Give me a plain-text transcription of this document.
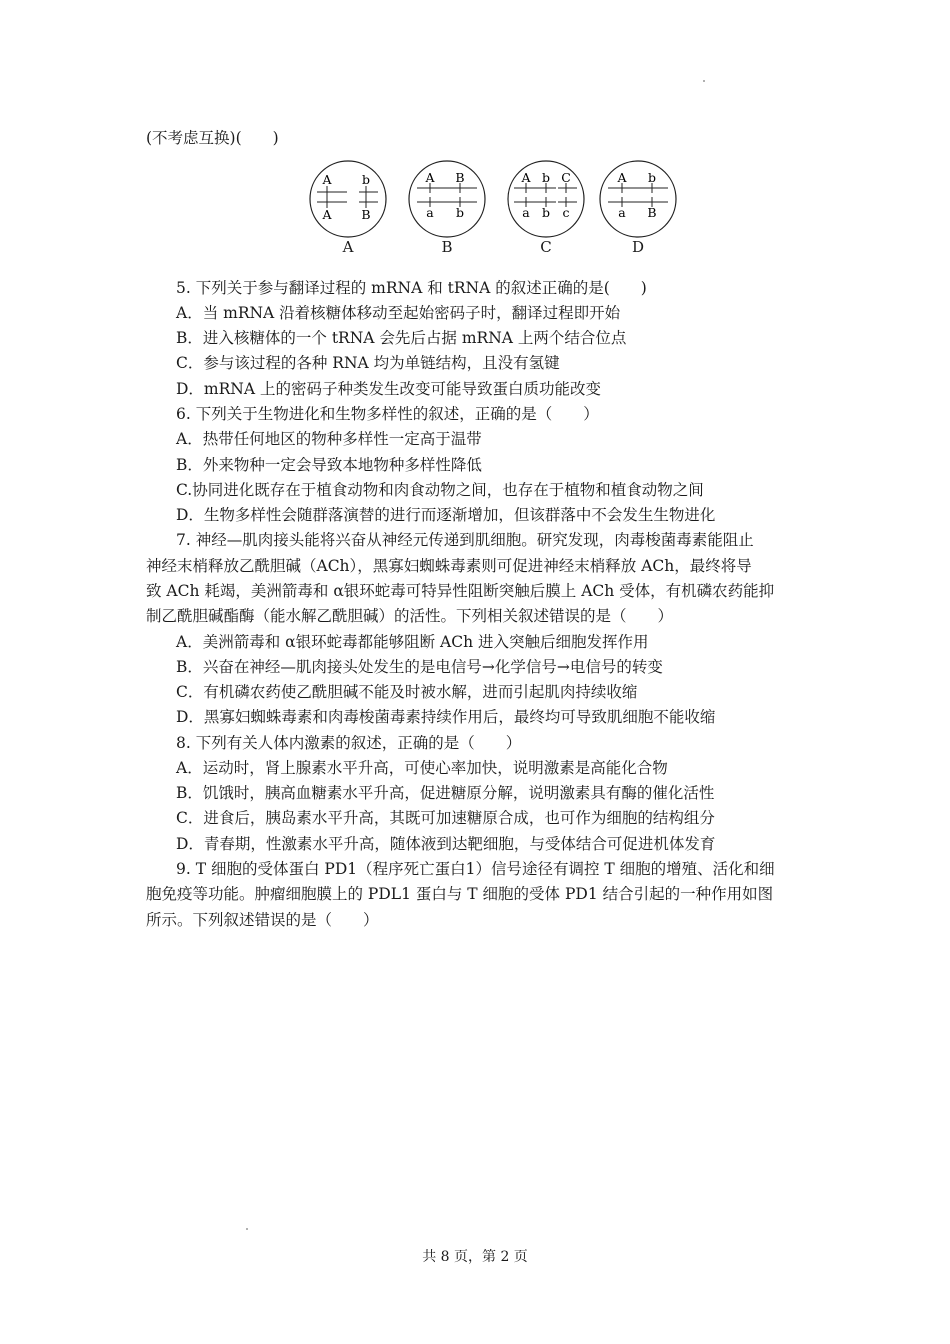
(不考虑互换)(　　)
A b
A B
A B
a b
A b C
a b c
A b
a B
A	B	C	D
5. 下列关于参与翻译过程的 mRNA 和 tRNA 的叙述正确的是(　　)
A．当 mRNA 沿着核糖体移动至起始密码子时，翻译过程即开始
B．进入核糖体的一个 tRNA 会先后占据 mRNA 上两个结合位点
C．参与该过程的各种 RNA 均为单链结构，且没有氢键
D．mRNA 上的密码子种类发生改变可能导致蛋白质功能改变
6. 下列关于生物进化和生物多样性的叙述，正确的是（　　）
A．热带任何地区的物种多样性一定高于温带
B．外来物种一定会导致本地物种多样性降低
C.协同进化既存在于植食动物和肉食动物之间，也存在于植物和植食动物之间
D．生物多样性会随群落演替的进行而逐渐增加，但该群落中不会发生生物进化
7. 神经—肌肉接头能将兴奋从神经元传递到肌细胞。研究发现，肉毒梭菌毒素能阻止
神经末梢释放乙酰胆碱（ACh），黑寡妇蜘蛛毒素则可促进神经末梢释放 ACh，最终将导
致 ACh 耗竭，美洲箭毒和 α银环蛇毒可特异性阻断突触后膜上 ACh 受体，有机磷农药能抑
制乙酰胆碱酯酶（能水解乙酰胆碱）的活性。下列相关叙述错误的是（　　）
A．美洲箭毒和 α银环蛇毒都能够阻断 ACh 进入突触后细胞发挥作用
B．兴奋在神经—肌肉接头处发生的是电信号→化学信号→电信号的转变
C．有机磷农药使乙酰胆碱不能及时被水解，进而引起肌肉持续收缩
D．黑寡妇蜘蛛毒素和肉毒梭菌毒素持续作用后，最终均可导致肌细胞不能收缩
8. 下列有关人体内激素的叙述，正确的是（　　）
A．运动时，肾上腺素水平升高，可使心率加快，说明激素是高能化合物
B．饥饿时，胰高血糖素水平升高，促进糖原分解，说明激素具有酶的催化活性
C．进食后，胰岛素水平升高，其既可加速糖原合成，也可作为细胞的结构组分
D．青春期，性激素水平升高，随体液到达靶细胞，与受体结合可促进机体发育
9. T 细胞的受体蛋白 PD1（程序死亡蛋白1）信号途径有调控 T 细胞的增殖、活化和细
胞免疫等功能。肿瘤细胞膜上的 PDL1 蛋白与 T 细胞的受体 PD1 结合引起的一种作用如图
所示。下列叙述错误的是（　　）
共 8 页，第 2 页
